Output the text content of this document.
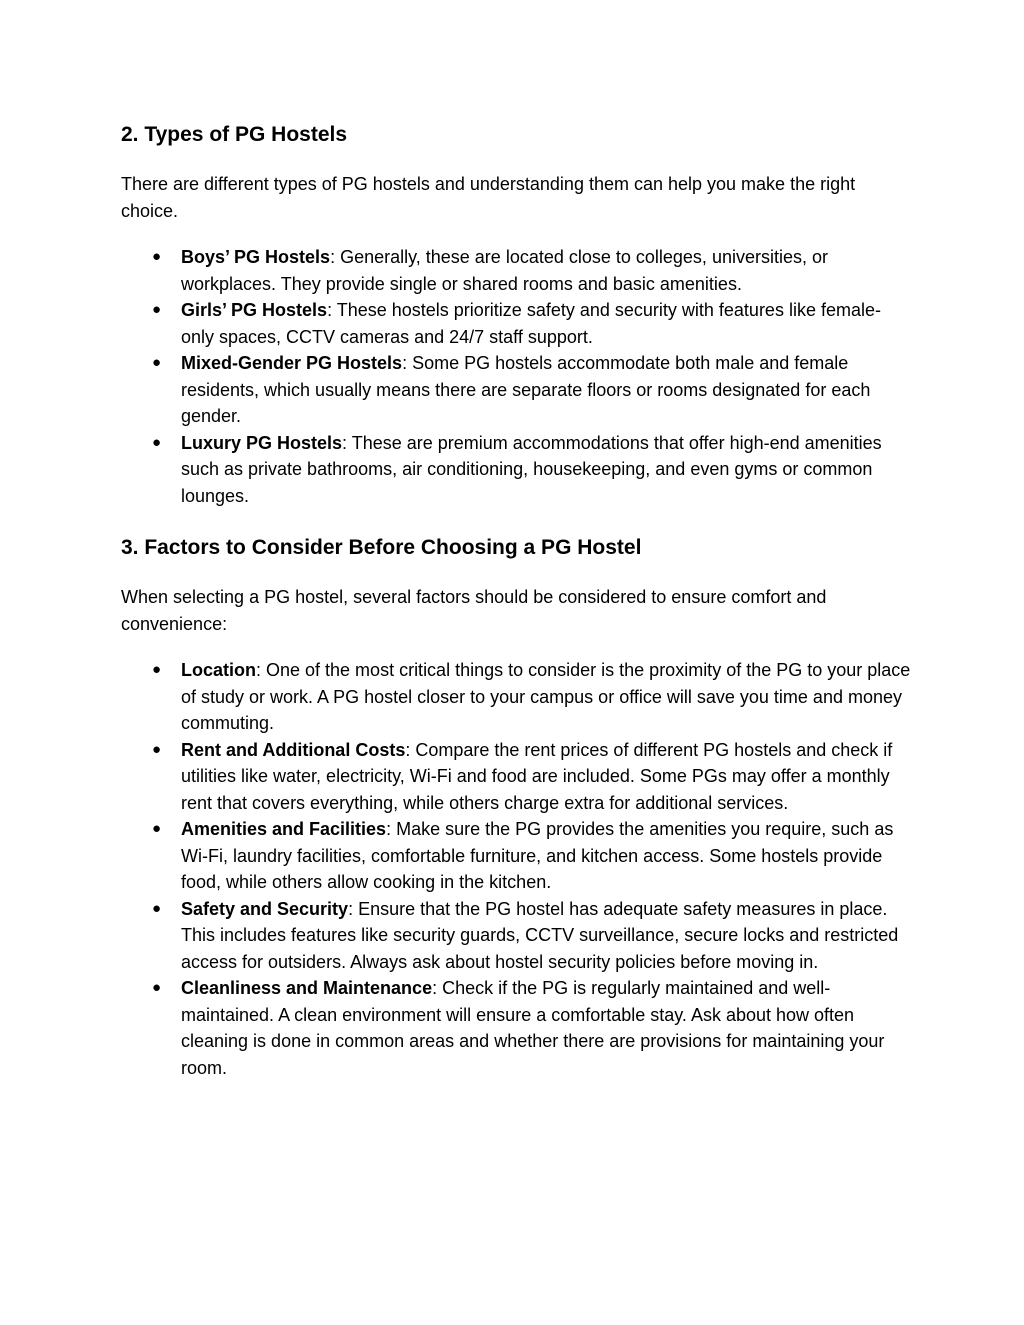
2. Types of PG Hostels

There are different types of PG hostels and understanding them can help you make the right choice.

● Boys’ PG Hostels: Generally, these are located close to colleges, universities, or workplaces. They provide single or shared rooms and basic amenities.
● Girls’ PG Hostels: These hostels prioritize safety and security with features like female-only spaces, CCTV cameras and 24/7 staff support.
● Mixed-Gender PG Hostels: Some PG hostels accommodate both male and female residents, which usually means there are separate floors or rooms designated for each gender.
● Luxury PG Hostels: These are premium accommodations that offer high-end amenities such as private bathrooms, air conditioning, housekeeping, and even gyms or common lounges.
3. Factors to Consider Before Choosing a PG Hostel

When selecting a PG hostel, several factors should be considered to ensure comfort and convenience:

● Location: One of the most critical things to consider is the proximity of the PG to your place of study or work. A PG hostel closer to your campus or office will save you time and money commuting.
● Rent and Additional Costs: Compare the rent prices of different PG hostels and check if utilities like water, electricity, Wi-Fi and food are included. Some PGs may offer a monthly rent that covers everything, while others charge extra for additional services.
● Amenities and Facilities: Make sure the PG provides the amenities you require, such as Wi-Fi, laundry facilities, comfortable furniture, and kitchen access. Some hostels provide food, while others allow cooking in the kitchen.
● Safety and Security: Ensure that the PG hostel has adequate safety measures in place. This includes features like security guards, CCTV surveillance, secure locks and restricted access for outsiders. Always ask about hostel security policies before moving in.
● Cleanliness and Maintenance: Check if the PG is regularly maintained and well-maintained. A clean environment will ensure a comfortable stay. Ask about how often cleaning is done in common areas and whether there are provisions for maintaining your room.
